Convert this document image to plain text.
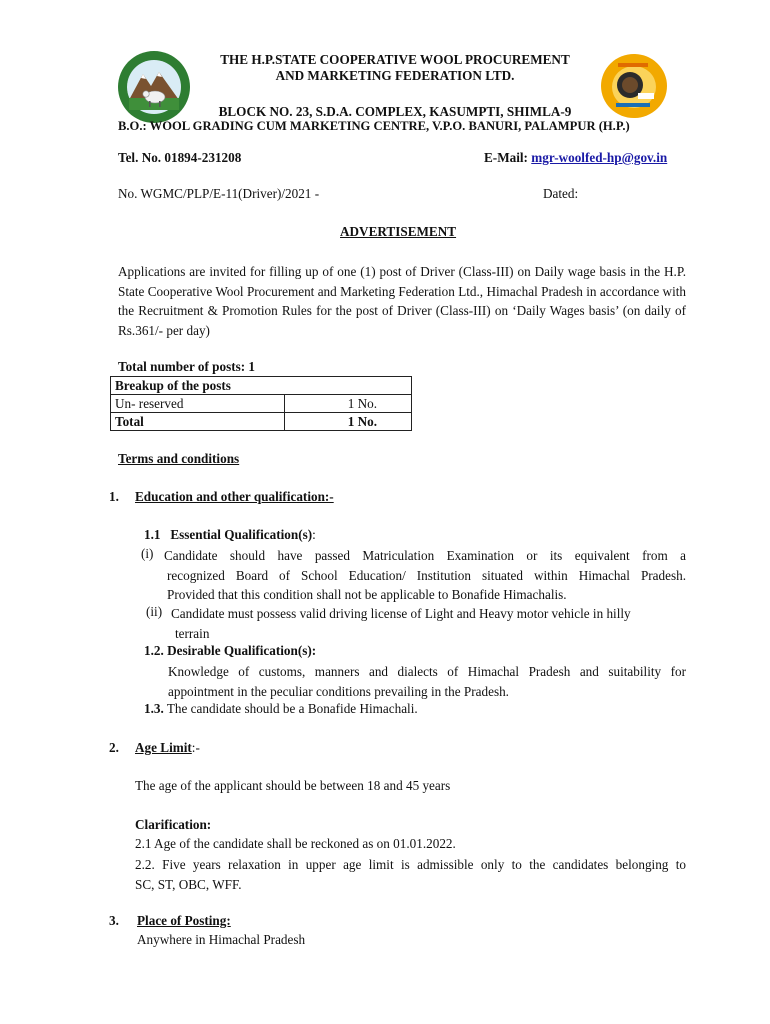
THE H.P.STATE COOPERATIVE WOOL PROCUREMENT
AND MARKETING FEDERATION LTD.
BLOCK NO. 23, S.D.A. COMPLEX, KASUMPTI, SHIMLA-9
B.O.: WOOL GRADING CUM MARKETING CENTRE, V.P.O. BANURI, PALAMPUR (H.P.)
Tel. No. 01894-231208	E-Mail: mgr-woolfed-hp@gov.in
No. WGMC/PLP/E-11(Driver)/2021 -	Dated:
ADVERTISEMENT
Applications are invited for filling up of one (1) post of Driver (Class-III) on Daily wage basis in the H.P. State Cooperative Wool Procurement and Marketing Federation Ltd., Himachal Pradesh in accordance with the Recruitment & Promotion Rules for the post of Driver (Class-III) on ‘Daily Wages basis’ (on daily of Rs.361/- per day)
Total number of posts: 1
Breakup of the posts	
Un- reserved	1 No.
Total	1 No.
Terms and conditions
1. Education and other qualification:-
1.1 Essential Qualification(s):
(i) Candidate should have passed Matriculation Examination or its equivalent from a
recognized Board of School Education/ Institution situated within Himachal Pradesh.
Provided that this condition shall not be applicable to Bonafide Himachalis.
(ii) Candidate must possess valid driving license of Light and Heavy motor vehicle in hilly
terrain
1.2. Desirable Qualification(s):
Knowledge of customs, manners and dialects of Himachal Pradesh and suitability for
appointment in the peculiar conditions prevailing in the Pradesh.
1.3. The candidate should be a Bonafide Himachali.
2. Age Limit:-
The age of the applicant should be between 18 and 45 years
Clarification:
2.1 Age of the candidate shall be reckoned as on 01.01.2022.
2.2. Five years relaxation in upper age limit is admissible only to the candidates belonging to
SC, ST, OBC, WFF.
3. Place of Posting:
Anywhere in Himachal Pradesh
